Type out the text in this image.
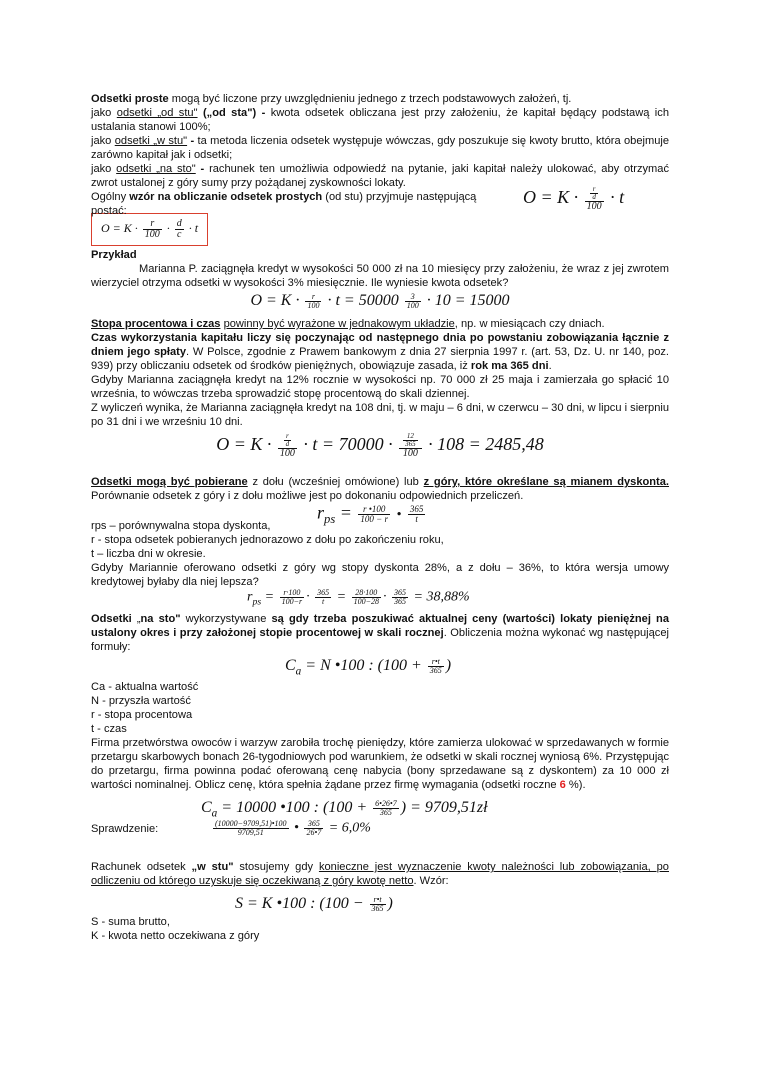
Odsetki proste mogą być liczone przy uwzględnieniu jednego z trzech podstawowych założeń, tj.

jako odsetki „od stu" („od sta") - kwota odsetek obliczana jest przy założeniu, że kapitał będący podstawą ich ustalania stanowi 100%;

jako odsetki „w stu" - ta metoda liczenia odsetek występuje wówczas, gdy poszukuje się kwoty brutto, która obejmuje zarówno kapitał jak i odsetki;

jako odsetki „na sto" - rachunek ten umożliwia odpowiedź na pytanie, jaki kapitał należy ulokować, aby otrzymać zwrot ustalonej z góry sumy przy pożądanej zyskowności lokaty.

Ogólny wzór na obliczanie odsetek prostych (od stu) przyjmuje następującą postać:

$O = K \cdot \frac{\frac{r}{d}}{100} \cdot t$
$O = K \cdot \frac{r}{100} \cdot \frac{d}{c} \cdot t$

Przykład

Marianna P. zaciągnęła kredyt w wysokości 50 000 zł na 10 miesięcy przy założeniu, że wraz z jej zwrotem wierzyciel otrzyma odsetki w wysokości 3% miesięcznie. Ile wyniesie kwota odsetek?

$O = K \cdot \frac{r}{100} \cdot t = 50000 \frac{3}{100} \cdot 10 = 15000$

Stopa procentowa i czas powinny być wyrażone w jednakowym układzie, np. w miesiącach czy dniach.

Czas wykorzystania kapitału liczy się poczynając od następnego dnia po powstaniu zobowiązania łącznie z dniem jego spłaty. W Polsce, zgodnie z Prawem bankowym z dnia 27 sierpnia 1997 r. (art. 53, Dz. U. nr 140, poz. 939) przy obliczaniu odsetek od środków pieniężnych, obowiązuje zasada, iż rok ma 365 dni.

Gdyby Marianna zaciągnęła kredyt na 12% rocznie w wysokości np. 70 000 zł 25 maja i zamierzała go spłacić 10 września, to wówczas trzeba sprowadzić stopę procentową do skali dziennej.

Z wyliczeń wynika, że Marianna zaciągnęła kredyt na 108 dni, tj. w maju – 6 dni, w czerwcu – 30 dni, w lipcu i sierpniu po 31 dni i we wrześniu 10 dni.

$O = K \cdot \frac{\frac{r}{d}}{100} \cdot t = 70000 \cdot \frac{\frac{12}{365}}{100} \cdot 108 = 2485,48$

Odsetki mogą być pobierane z dołu (wcześniej omówione) lub z góry, które określane są mianem dyskonta. Porównanie odsetek z góry i z dołu możliwe jest po dokonaniu odpowiednich przeliczeń.

$r_{ps} = \frac{r •100}{100 - r}$ • $\frac{365}{t}$

rps – porównywalna stopa dyskonta,

r - stopa odsetek pobieranych jednorazowo z dołu po zakończeniu roku,

t – liczba dni w okresie.

Gdyby Mariannie oferowano odsetki z góry wg stopy dyskonta 28%, a z dołu – 36%, to która wersja umowy kredytowej byłaby dla niej lepsza?

$r_{ps} = \frac{r\cdot 100}{100-r} \cdot \frac{365}{t} = \frac{28\cdot 100}{100-28} \cdot \frac{365}{365} = 38,88\%$

Odsetki „na sto" wykorzystywane są gdy trzeba poszukiwać aktualnej ceny (wartości) lokaty pieniężnej na ustalony okres i przy założonej stopie procentowej w skali rocznej. Obliczenia można wykonać wg następującej formuły:

$C_a = N$ •100 : ($100 + \frac{r•t}{365}$ )

Ca - aktualna wartość

N - przyszła wartość

r - stopa procentowa

t - czas

Firma przetwórstwa owoców i warzyw zarobiła trochę pieniędzy, które zamierza ulokować w sprzedawanych w formie przetargu skarbowych bonach 26-tygodniowych pod warunkiem, że odsetki w skali rocznej wyniosą 6%. Przystępując do przetargu, firma powinna podać oferowaną cenę nabycia (bony sprzedawane są z dyskontem) za 10 000 zł wartości nominalnej. Oblicz cenę, która spełnia żądane przez firmę wymagania (odsetki roczne 6 %).

$C_a = 10000$ •100 : ($100 + \frac{6•26•7}{365}$ ) = 9709,51zł

Sprawdzenie:	$\frac{(10000-9709,51)•100}{9709,51}$ • $\frac{365}{26•7} = 6,0\%$

Rachunek odsetek „w stu" stosujemy gdy konieczne jest wyznaczenie kwoty należności lub zobowiązania, po odliczeniu od którego uzyskuje się oczekiwaną z góry kwotę netto. Wzór:

S = K •100 : ($100 - \frac{r•t}{365}$ )

S - suma brutto,

K - kwota netto oczekiwana z góry
